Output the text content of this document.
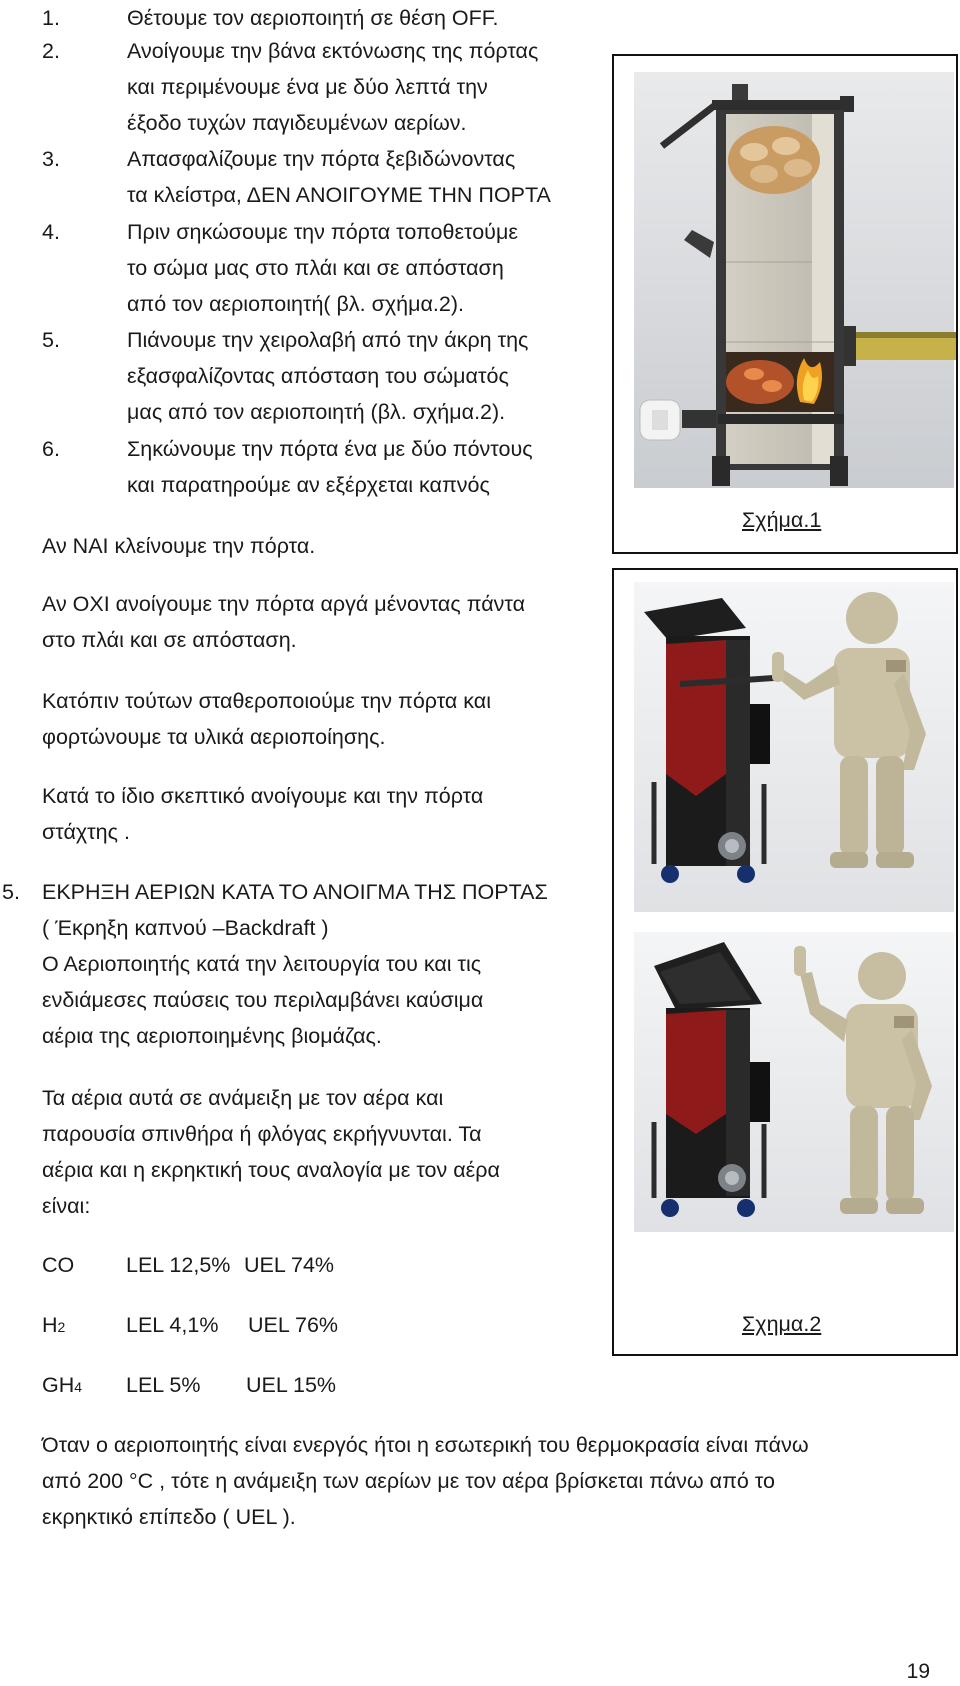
1.	Θέτουμε τον αεριοποιητή σε θέση OFF.
2.	Ανοίγουμε την βάνα εκτόνωσης της πόρτας
και περιμένουμε ένα με δύο λεπτά την
έξοδο τυχών παγιδευμένων αερίων.
3.	Απασφαλίζουμε την πόρτα ξεβιδώνοντας
τα κλείστρα, ΔΕΝ ΑΝΟΙΓΟΥΜΕ ΤΗΝ ΠΟΡΤΑ
4.	Πριν σηκώσουμε την πόρτα τοποθετούμε
το σώμα μας στο πλάι και σε απόσταση
από τον αεριοποιητή( βλ. σχήμα.2).
5.	Πιάνουμε την χειρολαβή από την άκρη της
εξασφαλίζοντας απόσταση του σώματός
μας από τον αεριοποιητή (βλ. σχήμα.2).
6.	Σηκώνουμε την πόρτα ένα με δύο πόντους
και παρατηρούμε αν εξέρχεται καπνός
Αν ΝΑΙ κλείνουμε την πόρτα.
Αν ΟΧΙ ανοίγουμε την πόρτα αργά μένοντας πάντα
στο πλάι και σε απόσταση.
Κατόπιν τούτων σταθεροποιούμε την πόρτα και
φορτώνουμε τα υλικά αεριοποίησης.
Κατά το ίδιο σκεπτικό ανοίγουμε και την πόρτα
στάχτης .
5. ΕΚΡΗΞΗ ΑΕΡΙΩΝ ΚΑΤΑ ΤΟ ΑΝΟΙΓΜΑ ΤΗΣ ΠΟΡΤΑΣ
( Έκρηξη καπνού –Backdraft )
Ο Αεριοποιητής κατά την λειτουργία του και τις
ενδιάμεσες παύσεις του περιλαμβάνει καύσιμα
αέρια της αεριοποιημένης βιομάζας.
Τα αέρια αυτά σε ανάμειξη με τον αέρα και
παρουσία σπινθήρα ή φλόγας εκρήγνυνται. Τα
αέρια και η εκρηκτική τους αναλογία με τον αέρα
είναι:
CO LEL 12,5% UEL 74%
H2	LEL 4,1% UEL 76%
GH4 LEL 5% UEL 15%
Όταν ο αεριοποιητής είναι ενεργός ήτοι η εσωτερική του θερμοκρασία είναι πάνω
από 200 °C , τότε η ανάμειξη των αερίων με τον αέρα βρίσκεται πάνω από το
εκρηκτικό επίπεδο ( UEL ).
Σχήμα.1
Σχημα.2
19
